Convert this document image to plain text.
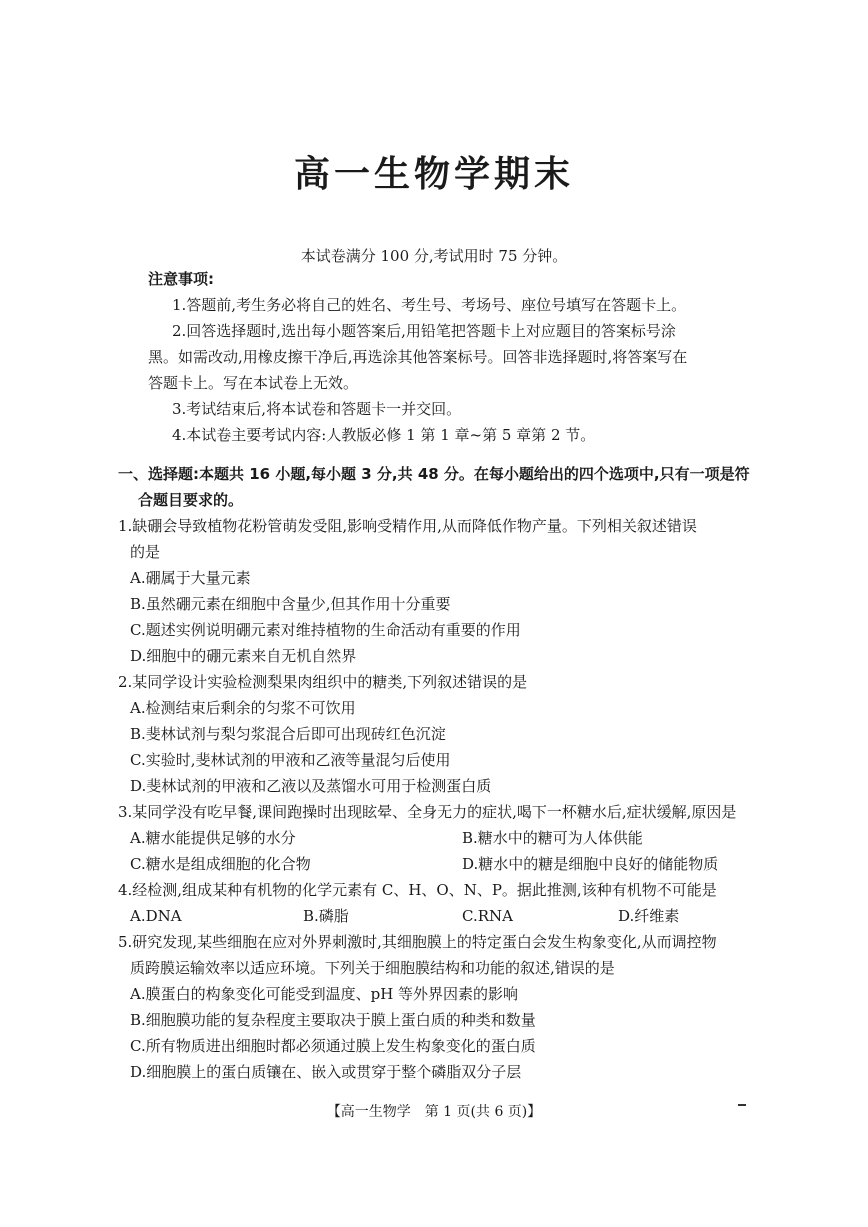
高一生物学期末
本试卷满分 100 分,考试用时 75 分钟。
注意事项:
1.答题前,考生务必将自己的姓名、考生号、考场号、座位号填写在答题卡上。
2.回答选择题时,选出每小题答案后,用铅笔把答题卡上对应题目的答案标号涂
黑。如需改动,用橡皮擦干净后,再选涂其他答案标号。回答非选择题时,将答案写在
答题卡上。写在本试卷上无效。
3.考试结束后,将本试卷和答题卡一并交回。
4.本试卷主要考试内容:人教版必修 1 第 1 章~第 5 章第 2 节。
一、选择题:本题共 16 小题,每小题 3 分,共 48 分。在每小题给出的四个选项中,只有一项是符
合题目要求的。
1.缺硼会导致植物花粉管萌发受阻,影响受精作用,从而降低作物产量。下列相关叙述错误
的是
A.硼属于大量元素
B.虽然硼元素在细胞中含量少,但其作用十分重要
C.题述实例说明硼元素对维持植物的生命活动有重要的作用
D.细胞中的硼元素来自无机自然界
2.某同学设计实验检测梨果肉组织中的糖类,下列叙述错误的是
A.检测结束后剩余的匀浆不可饮用
B.斐林试剂与梨匀浆混合后即可出现砖红色沉淀
C.实验时,斐林试剂的甲液和乙液等量混匀后使用
D.斐林试剂的甲液和乙液以及蒸馏水可用于检测蛋白质
3.某同学没有吃早餐,课间跑操时出现眩晕、全身无力的症状,喝下一杯糖水后,症状缓解,原因是
A.糖水能提供足够的水分	B.糖水中的糖可为人体供能
C.糖水是组成细胞的化合物	D.糖水中的糖是细胞中良好的储能物质
4.经检测,组成某种有机物的化学元素有 C、H、O、N、P。据此推测,该种有机物不可能是
A.DNA	B.磷脂	C.RNA	D.纤维素
5.研究发现,某些细胞在应对外界刺激时,其细胞膜上的特定蛋白会发生构象变化,从而调控物
质跨膜运输效率以适应环境。下列关于细胞膜结构和功能的叙述,错误的是
A.膜蛋白的构象变化可能受到温度、pH 等外界因素的影响
B.细胞膜功能的复杂程度主要取决于膜上蛋白质的种类和数量
C.所有物质进出细胞时都必须通过膜上发生构象变化的蛋白质
D.细胞膜上的蛋白质镶在、嵌入或贯穿于整个磷脂双分子层
【高一生物学　第 1 页(共 6 页)】
